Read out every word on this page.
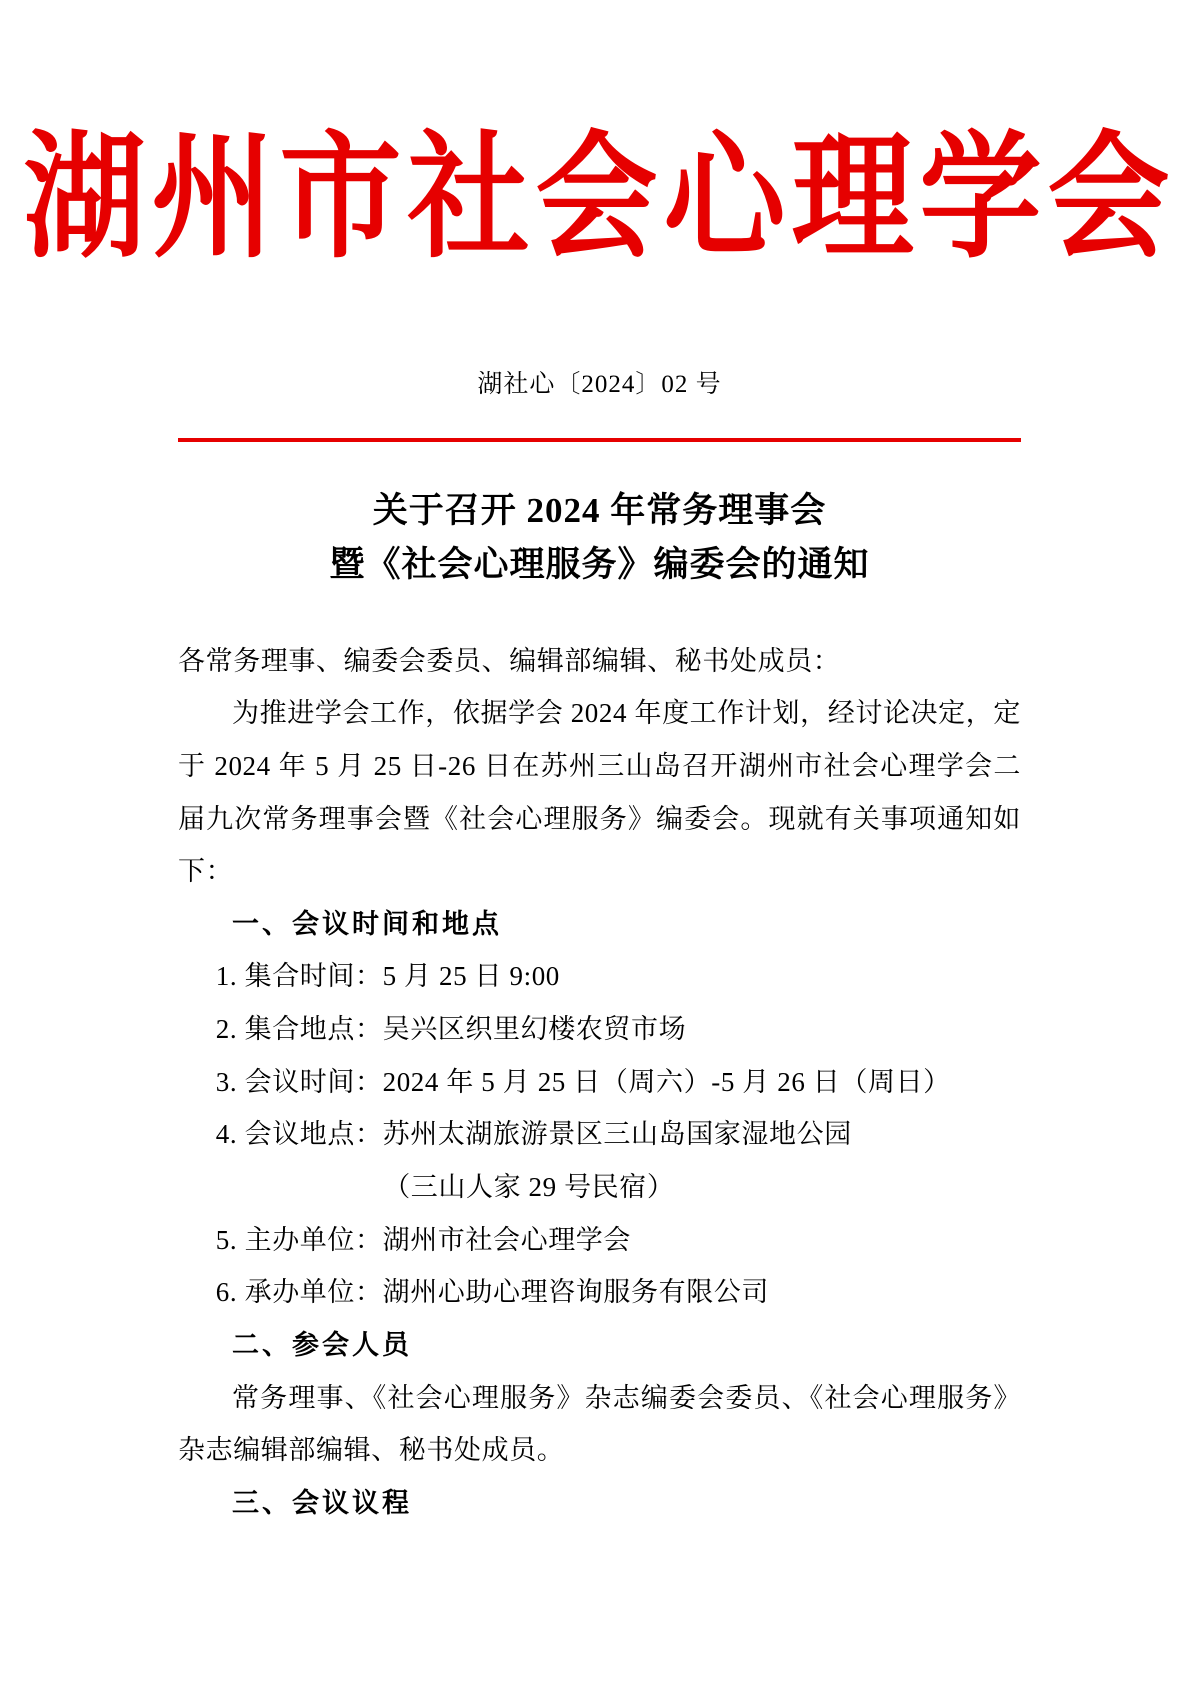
湖州市社会心理学会
湖社心〔2024〕02 号
关于召开 2024 年常务理事会
暨《社会心理服务》编委会的通知

各常务理事、编委会委员、编辑部编辑、秘书处成员：

为推进学会工作，依据学会 2024 年度工作计划，经讨论决定，定于 2024 年 5 月 25 日-26 日在苏州三山岛召开湖州市社会心理学会二届九次常务理事会暨《社会心理服务》编委会。现就有关事项通知如下：

一、会议时间和地点

1. 集合时间：5 月 25 日 9:00

2. 集合地点：吴兴区织里幻楼农贸市场

3. 会议时间：2024 年 5 月 25 日（周六）-5 月 26 日（周日）

4. 会议地点：苏州太湖旅游景区三山岛国家湿地公园

（三山人家 29 号民宿）

5. 主办单位：湖州市社会心理学会

6. 承办单位：湖州心助心理咨询服务有限公司

二、参会人员

常务理事、《社会心理服务》杂志编委会委员、《社会心理服务》杂志编辑部编辑、秘书处成员。

三、会议议程
